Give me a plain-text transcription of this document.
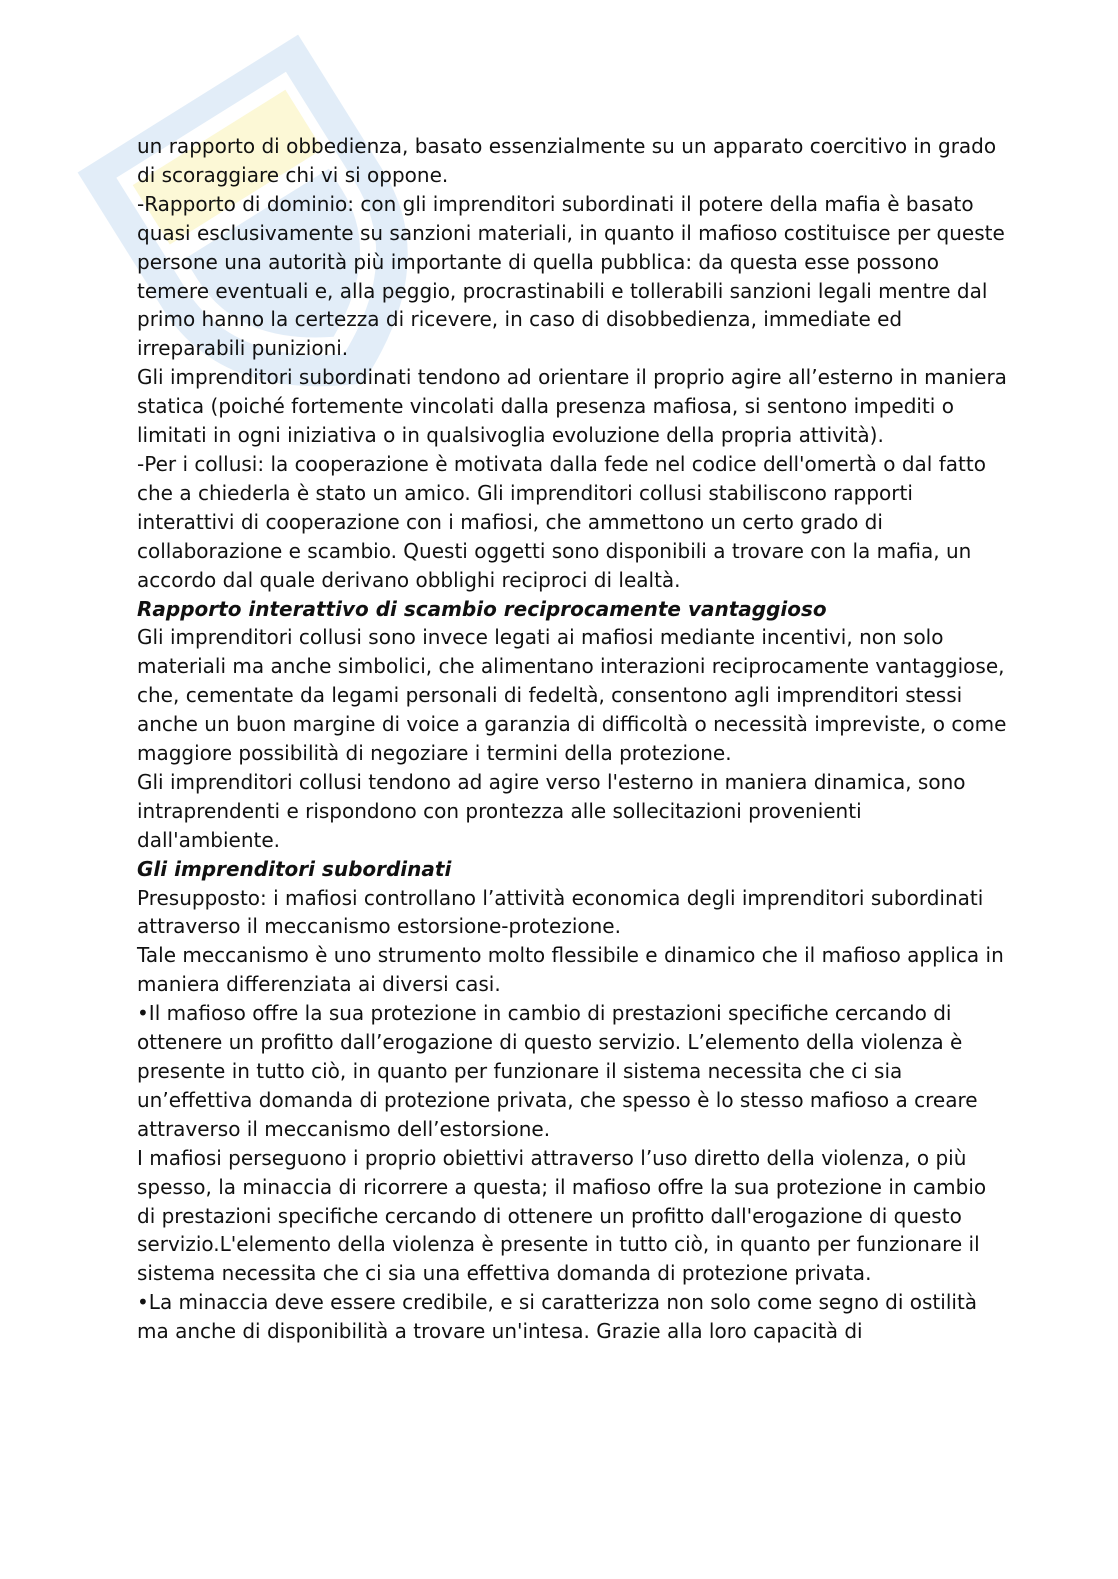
un rapporto di obbedienza, basato essenzialmente su un apparato coercitivo in grado di scoraggiare chi vi si oppone.

-Rapporto di dominio: con gli imprenditori subordinati il potere della mafia è basato quasi esclusivamente su sanzioni materiali, in quanto il mafioso costituisce per queste persone una autorità più importante di quella pubblica: da questa esse possono temere eventuali e, alla peggio, procrastinabili e tollerabili sanzioni legali mentre dal primo hanno la certezza di ricevere, in caso di disobbedienza, immediate ed irreparabili punizioni.

Gli imprenditori subordinati tendono ad orientare il proprio agire all’esterno in maniera statica (poiché fortemente vincolati dalla presenza mafiosa, si sentono impediti o limitati in ogni iniziativa o in qualsivoglia evoluzione della propria attività).

-Per i collusi: la cooperazione è motivata dalla fede nel codice dell'omertà o dal fatto che a chiederla è stato un amico. Gli imprenditori collusi stabiliscono rapporti interattivi di cooperazione con i mafiosi, che ammettono un certo grado di collaborazione e scambio. Questi oggetti sono disponibili a trovare con la mafia, un accordo dal quale derivano obblighi reciproci di lealtà.

Rapporto interattivo di scambio reciprocamente vantaggioso

Gli imprenditori collusi sono invece legati ai mafiosi mediante incentivi, non solo materiali ma anche simbolici, che alimentano interazioni reciprocamente vantaggiose, che, cementate da legami personali di fedeltà, consentono agli imprenditori stessi anche un buon margine di voice a garanzia di difficoltà o necessità impreviste, o come maggiore possibilità di negoziare i termini della protezione.

Gli imprenditori collusi tendono ad agire verso l'esterno in maniera dinamica, sono intraprendenti e rispondono con prontezza alle sollecitazioni provenienti dall'ambiente.

Gli imprenditori subordinati

Presupposto: i mafiosi controllano l’attività economica degli imprenditori subordinati attraverso il meccanismo estorsione-protezione.

Tale meccanismo è uno strumento molto flessibile e dinamico che il mafioso applica in maniera differenziata ai diversi casi.

•Il mafioso offre la sua protezione in cambio di prestazioni specifiche cercando di ottenere un profitto dall’erogazione di questo servizio. L’elemento della violenza è presente in tutto ciò, in quanto per funzionare il sistema necessita che ci sia un’effettiva domanda di protezione privata, che spesso è lo stesso mafioso a creare attraverso il meccanismo dell’estorsione.

I mafiosi perseguono i proprio obiettivi attraverso l’uso diretto della violenza, o più spesso, la minaccia di ricorrere a questa; il mafioso offre la sua protezione in cambio di prestazioni specifiche cercando di ottenere un profitto dall'erogazione di questo servizio.L'elemento della violenza è presente in tutto ciò, in quanto per funzionare il sistema necessita che ci sia una effettiva domanda di protezione privata.

•La minaccia deve essere credibile, e si caratterizza non solo come segno di ostilità ma anche di disponibilità a trovare un'intesa. Grazie alla loro capacità di
